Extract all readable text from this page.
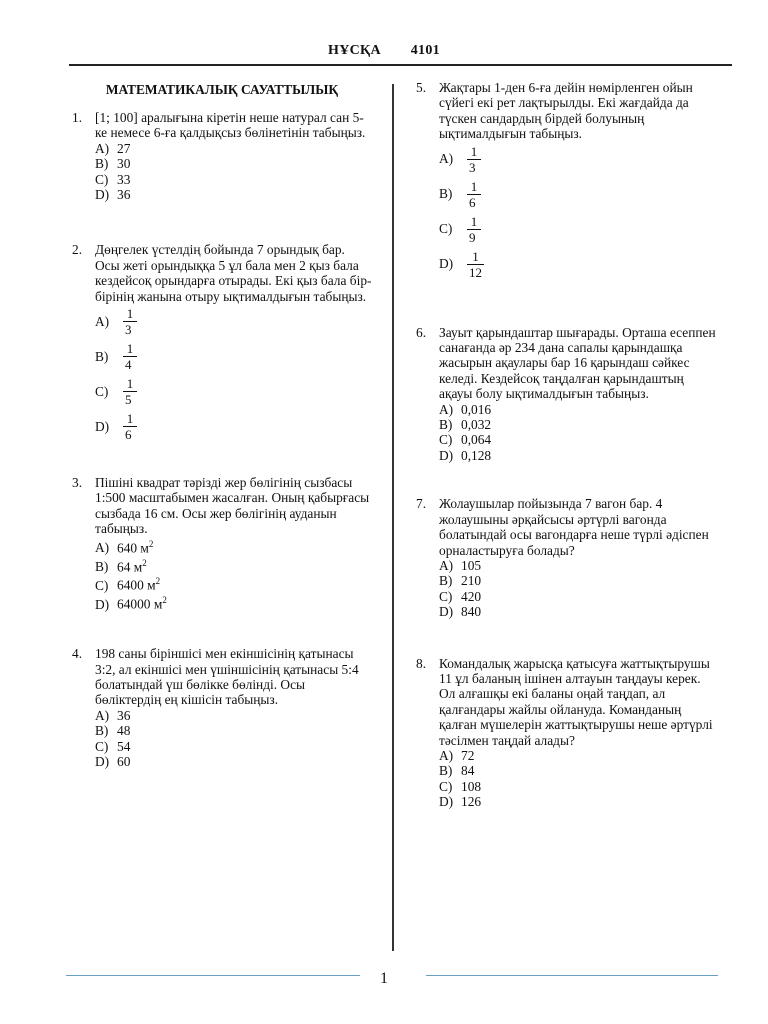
НҰСҚА 4101
МАТЕМАТИКАЛЫҚ САУАТТЫЛЫҚ
1. [1; 100] аралығына кіретін неше натурал сан 5-ке немесе 6-ға қалдықсыз бөлінетінін табыңыз.
A) 27
B) 30
C) 33
D) 36
2. Дөңгелек үстелдің бойында 7 орындық бар. Осы жеті орындыққа 5 ұл бала мен 2 қыз бала кездейсоқ орындарға отырады. Екі қыз бала бір-бірінің жанына отыру ықтималдығын табыңыз.
A)	$\frac{1}{3}$
B)	$\frac{1}{4}$
C)	$\frac{1}{5}$
D)	$\frac{1}{6}$
3. Пішіні квадрат тәрізді жер бөлігінің сызбасы 1:500 масштабымен жасалған. Оның қабырғасы сызбада 16 см. Осы жер бөлігінің ауданын табыңыз.
A) 640 $м^2$
B) 64 $м^2$
C) 6400 $м^2$
D) 64000 $м^2$
4. 198 саны біріншісі мен екіншісінің қатынасы 3:2, ал екіншісі мен үшіншісінің қатынасы 5:4 болатындай үш бөлікке бөлінді. Осы бөліктердің ең кішісін табыңыз.
A) 36
B) 48
C) 54
D) 60
5. Жақтары 1-ден 6-ға дейін нөмірленген ойын сүйегі екі рет лақтырылды. Екі жағдайда да түскен сандардың бірдей болуының ықтималдығын табыңыз.
A)	$\frac{1}{3}$
B)	$\frac{1}{6}$
C)	$\frac{1}{9}$
D)	$\frac{1}{12}$
6. Зауыт қарындаштар шығарады. Орташа есеппен санағанда әр 234 дана сапалы қарындашқа жасырын ақаулары бар 16 қарындаш сәйкес келеді. Кездейсоқ таңдалған қарындаштың ақауы болу ықтималдығын табыңыз.
A) 0,016
B) 0,032
C) 0,064
D) 0,128
7. Жолаушылар пойызында 7 вагон бар. 4 жолаушыны әрқайсысы әртүрлі вагонда болатындай осы вагондарға неше түрлі әдіспен орналастыруға болады?
A) 105
B) 210
C) 420
D) 840
8. Командалық жарысқа қатысуға жаттықтырушы 11 ұл баланың ішінен алтауын таңдауы керек. Ол алғашқы екі баланы оңай таңдап, ал қалғандары жайлы ойлануда. Команданың қалған мүшелерін жаттықтырушы неше әртүрлі тәсілмен таңдай алады?
A) 72
B) 84
C) 108
D) 126
1
